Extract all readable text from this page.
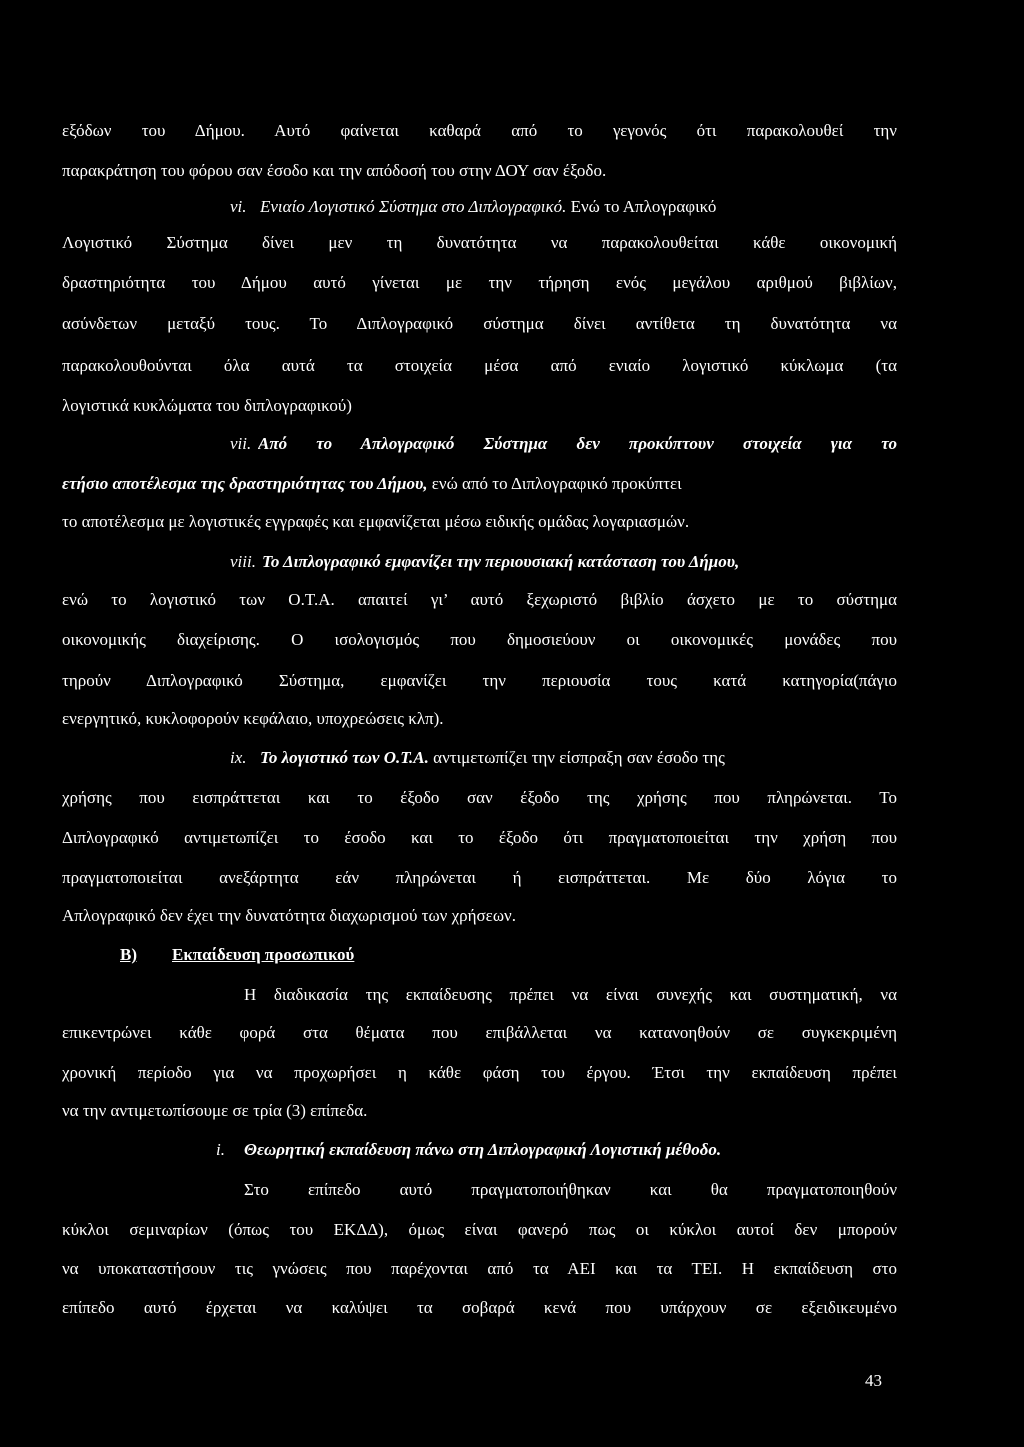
εξόδων του Δήμου. Αυτό φαίνεται καθαρά από το γεγονός ότι παρακολουθεί την
παρακράτηση του φόρου σαν έσοδο και την απόδοσή του στην ΔΟΥ σαν έξοδο.
vi. Ενιαίο Λογιστικό Σύστημα στο Διπλογραφικό. Ενώ το Απλογραφικό
Λογιστικό Σύστημα δίνει μεν τη δυνατότητα να παρακολουθείται κάθε οικονομική
δραστηριότητα του Δήμου αυτό γίνεται με την τήρηση ενός μεγάλου αριθμού βιβλίων,
ασύνδετων μεταξύ τους. Το Διπλογραφικό σύστημα δίνει αντίθετα τη δυνατότητα να
παρακολουθούνται όλα αυτά τα στοιχεία μέσα από ενιαίο λογιστικό κύκλωμα (τα
λογιστικά κυκλώματα του διπλογραφικού)
vii. Από το Απλογραφικό Σύστημα δεν προκύπτουν στοιχεία για το
ετήσιο αποτέλεσμα της δραστηριότητας του Δήμου, ενώ από το Διπλογραφικό προκύπτει
το αποτέλεσμα με λογιστικές εγγραφές και εμφανίζεται μέσω ειδικής ομάδας λογαριασμών.
viii. Το Διπλογραφικό εμφανίζει την περιουσιακή κατάσταση του Δήμου,
ενώ το λογιστικό των Ο.Τ.Α. απαιτεί γι’ αυτό ξεχωριστό βιβλίο άσχετο με το σύστημα
οικονομικής διαχείρισης. Ο ισολογισμός που δημοσιεύουν οι οικονομικές μονάδες που
τηρούν Διπλογραφικό Σύστημα, εμφανίζει την περιουσία τους κατά κατηγορία(πάγιο
ενεργητικό, κυκλοφορούν κεφάλαιο, υποχρεώσεις κλπ).
ix. Το λογιστικό των Ο.Τ.Α. αντιμετωπίζει την είσπραξη σαν έσοδο της
χρήσης που εισπράττεται και το έξοδο σαν έξοδο της χρήσης που πληρώνεται. Το
Διπλογραφικό αντιμετωπίζει το έσοδο και το έξοδο ότι πραγματοποιείται την χρήση που
πραγματοποιείται ανεξάρτητα εάν πληρώνεται ή εισπράττεται. Με δύο λόγια το
Απλογραφικό δεν έχει την δυνατότητα διαχωρισμού των χρήσεων.
Β)	Εκπαίδευση προσωπικού
Η διαδικασία της εκπαίδευσης πρέπει να είναι συνεχής και συστηματική, να
επικεντρώνει κάθε φορά στα θέματα που επιβάλλεται να κατανοηθούν σε συγκεκριμένη
χρονική περίοδο για να προχωρήσει η κάθε φάση του έργου. Έτσι την εκπαίδευση πρέπει
να την αντιμετωπίσουμε σε τρία (3) επίπεδα.
i.	Θεωρητική εκπαίδευση πάνω στη Διπλογραφική Λογιστική μέθοδο.
Στο επίπεδο αυτό πραγματοποιήθηκαν και θα πραγματοποιηθούν
κύκλοι σεμιναρίων (όπως του ΕΚΔΔ), όμως είναι φανερό πως οι κύκλοι αυτοί δεν μπορούν
να υποκαταστήσουν τις γνώσεις που παρέχονται από τα ΑΕΙ και τα ΤΕΙ. Η εκπαίδευση στο
επίπεδο αυτό έρχεται να καλύψει τα σοβαρά κενά που υπάρχουν σε εξειδικευμένο
43
